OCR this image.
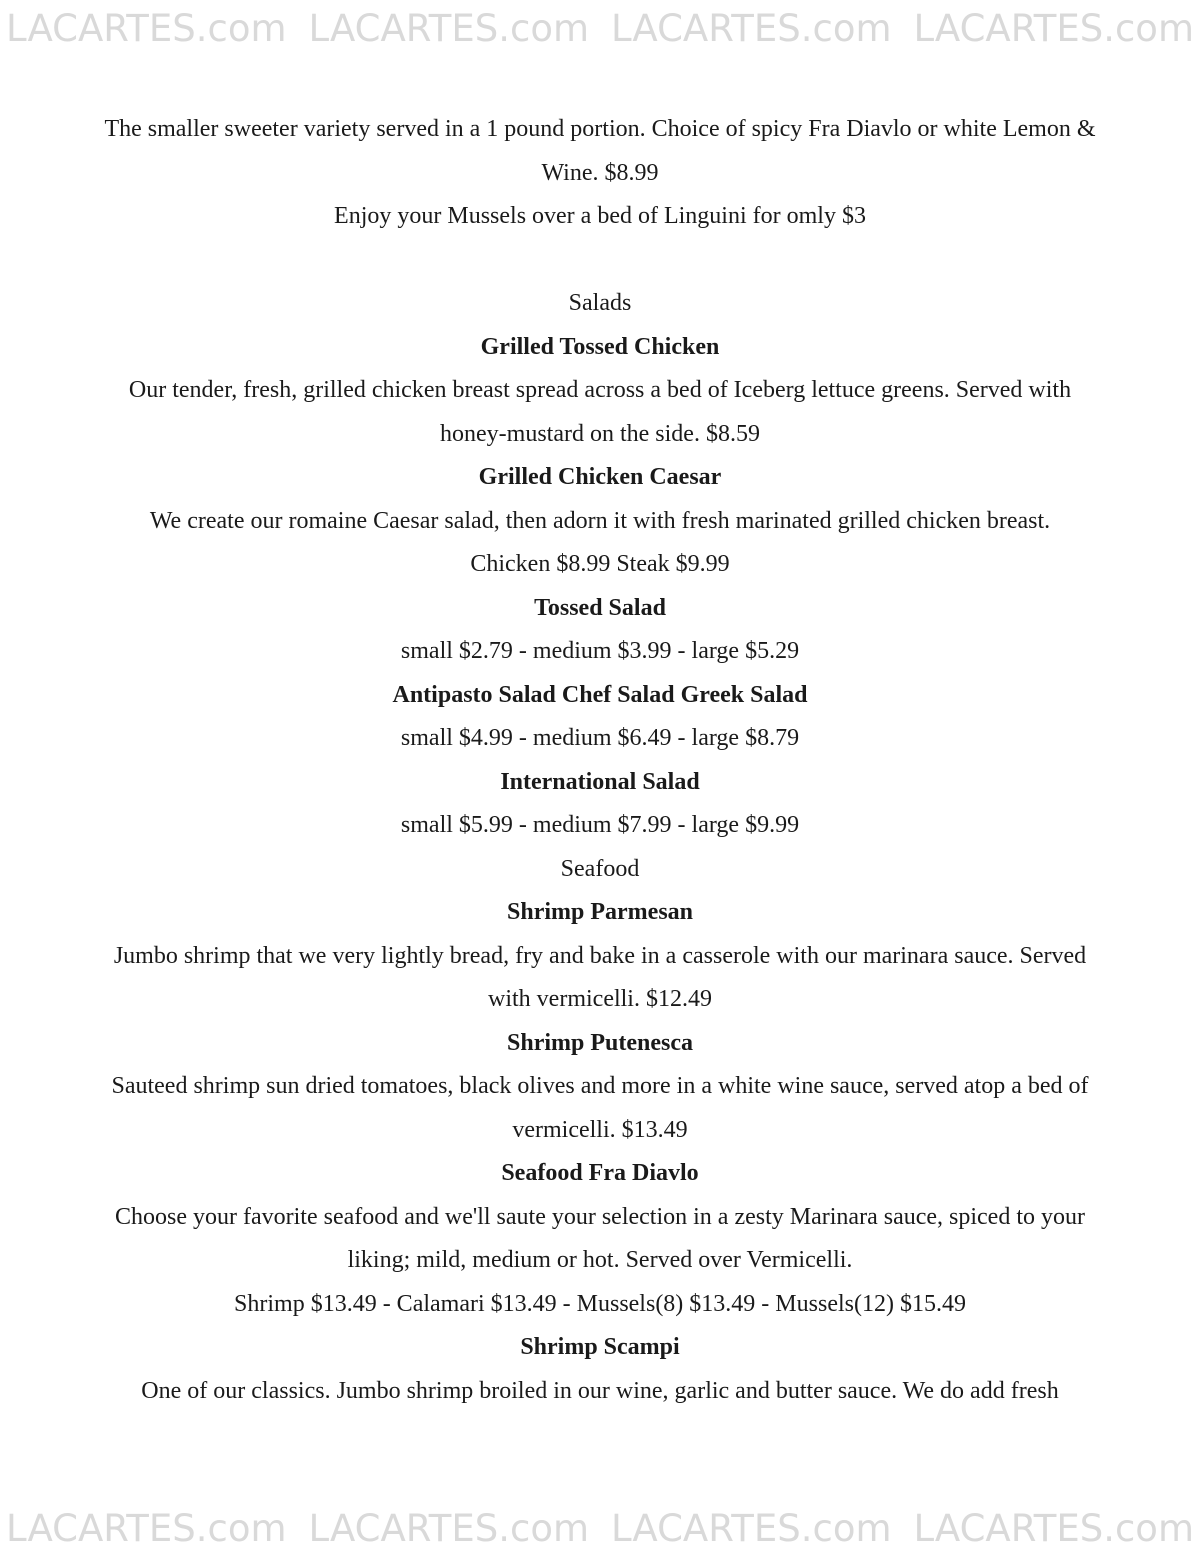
LACARTES.com LACARTES.com LACARTES.com LACARTES.com

The smaller sweeter variety served in a 1 pound portion. Choice of spicy Fra Diavlo or white Lemon & Wine. $8.99

Enjoy your Mussels over a bed of Linguini for omly $3

Salads

Grilled Tossed Chicken

Our tender, fresh, grilled chicken breast spread across a bed of Iceberg lettuce greens. Served with honey-mustard on the side. $8.59

Grilled Chicken Caesar

We create our romaine Caesar salad, then adorn it with fresh marinated grilled chicken breast.

Chicken $8.99 Steak $9.99

Tossed Salad

small $2.79 - medium $3.99 - large $5.29

Antipasto Salad Chef Salad Greek Salad

small $4.99 - medium $6.49 - large $8.79

International Salad

small $5.99 - medium $7.99 - large $9.99

Seafood

Shrimp Parmesan

Jumbo shrimp that we very lightly bread, fry and bake in a casserole with our marinara sauce. Served with vermicelli. $12.49

Shrimp Putenesca

Sauteed shrimp sun dried tomatoes, black olives and more in a white wine sauce, served atop a bed of vermicelli. $13.49

Seafood Fra Diavlo

Choose your favorite seafood and we'll saute your selection in a zesty Marinara sauce, spiced to your liking; mild, medium or hot. Served over Vermicelli.

Shrimp $13.49 - Calamari $13.49 - Mussels(8) $13.49 - Mussels(12) $15.49

Shrimp Scampi

One of our classics. Jumbo shrimp broiled in our wine, garlic and butter sauce. We do add fresh

LACARTES.com LACARTES.com LACARTES.com LACARTES.com
